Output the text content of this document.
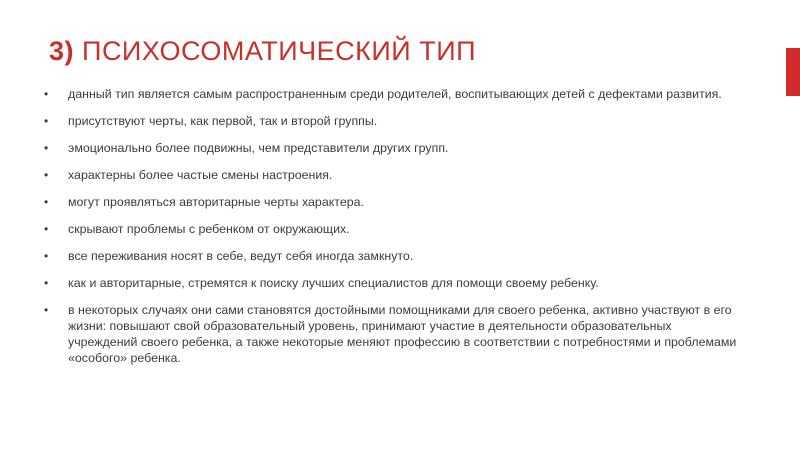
3) ПСИХОСОМАТИЧЕСКИЙ ТИП
• данный тип является самым распространенным среди родителей, воспитывающих детей с дефектами развития.
• присутствуют черты, как первой, так и второй группы.
• эмоционально более подвижны, чем представители других групп.
• характерны более частые смены настроения.
• могут проявляться авторитарные черты характера.
• скрывают проблемы с ребенком от окружающих.
• все переживания носят в себе, ведут себя иногда замкнуто.
• как и авторитарные, стремятся к поиску лучших специалистов для помощи своему ребенку.
• в некоторых случаях они сами становятся достойными помощниками для своего ребенка, активно участвуют в его жизни: повышают свой образовательный уровень, принимают участие в деятельности образовательных учреждений своего ребенка, а также некоторые меняют профессию в соответствии с потребностями и проблемами «особого» ребенка.
